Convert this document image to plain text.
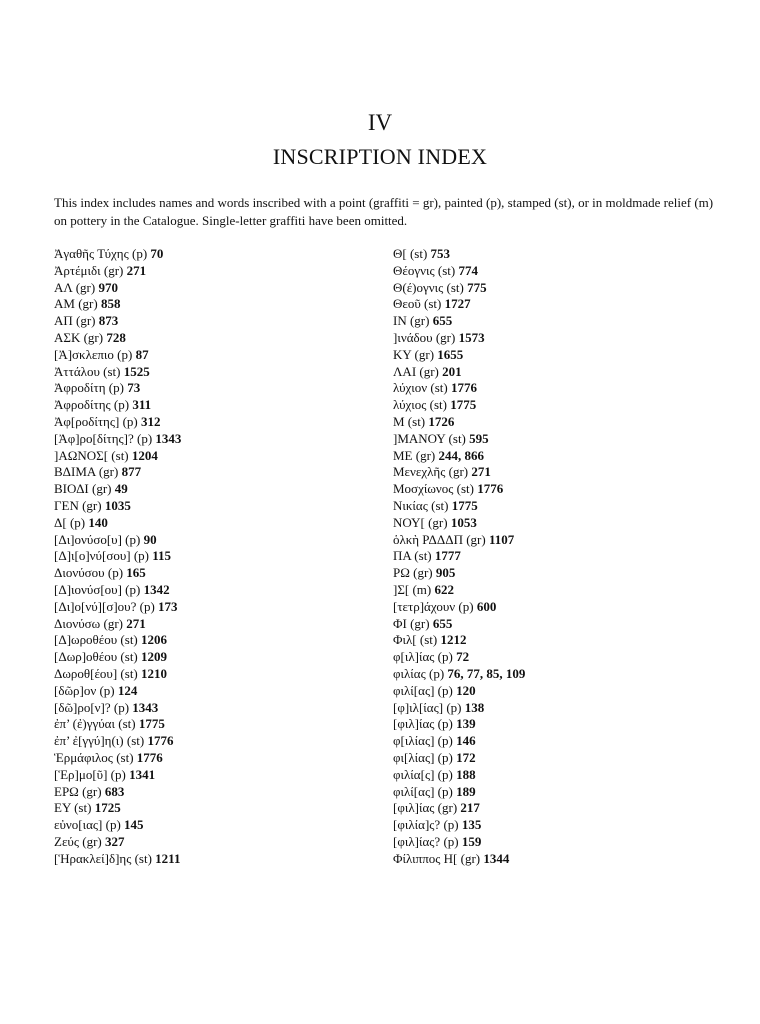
IV
INSCRIPTION INDEX
This index includes names and words inscribed with a point (graffiti = gr), painted (p), stamped (st), or in moldmade relief (m) on pottery in the Catalogue. Single-letter graffiti have been omitted.
Ἀγαθῆς Τύχης (p) 70
Ἀρτέμιδι (gr) 271
ΑΛ (gr) 970
ΑΜ (gr) 858
ΑΠ (gr) 873
ΑΣΚ (gr) 728
[Ἀ]σκλεπιο (p) 87
Ἀττάλου (st) 1525
Ἀφροδίτη (p) 73
Ἀφροδίτης (p) 311
Ἀφ[ροδίτης] (p) 312
[Ἀφ]ρο[δίτης]? (p) 1343
]ΑΩΝΟΣ[ (st) 1204
ΒΔΙΜΑ (gr) 877
ΒΙΟΔΙ (gr) 49
ΓΕΝ (gr) 1035
Δ[ (p) 140
[Δι]ονύσο[υ] (p) 90
[Δ]ι[ο]νύ[σου] (p) 115
Διονύσου (p) 165
[Δ]ιονύσ[ου] (p) 1342
[Δι]ο[νύ][σ]ου? (p) 173
Διονύσω (gr) 271
[Δ]ωροθέου (st) 1206
[Δωρ]οθέου (st) 1209
Δωροθ[έου] (st) 1210
[δῶρ]ον (p) 124
[δῶ]ρο[ν]? (p) 1343
ἐπ’ (ἐ)γγύαι (st) 1775
ἐπ’ ἐ[γγύ]η(ι) (st) 1776
Ἑρμάφιλος (st) 1776
[Ἑρ]μο[ῦ] (p) 1341
ΕΡΩ (gr) 683
ΕΥ (st) 1725
εὐνο[ιας] (p) 145
Ζεύς (gr) 327
[Ἡρακλεί]δ]ης (st) 1211
Θ[ (st) 753
Θέογνις (st) 774
Θ(έ)ογνις (st) 775
Θεοῦ (st) 1727
ΙΝ (gr) 655
]ινάδου (gr) 1573
ΚΥ (gr) 1655
ΛΑΙ (gr) 201
λύχιον (st) 1776
λύχιος (st) 1775
Μ (st) 1726
]ΜΑΝΟΥ (st) 595
ΜΕ (gr) 244, 866
Μενεχλῆς (gr) 271
Μοσχίωνος (st) 1776
Νικίας (st) 1775
ΝΟΥ[ (gr) 1053
ὁλκὴ ΡΔΔΔΠ (gr) 1107
ΠΑ (st) 1777
ΡΩ (gr) 905
]Σ[ (m) 622
[τετρ]άχουν (p) 600
ΦΙ (gr) 655
Φιλ[ (st) 1212
φ[ιλ]ίας (p) 72
φιλίας (p) 76, 77, 85, 109
φιλί[ας] (p) 120
[φ]ιλ[ίας] (p) 138
[φιλ]ίας (p) 139
φ[ιλίας] (p) 146
φι[λίας] (p) 172
φιλία[ς] (p) 188
φιλί[ας] (p) 189
[φιλ]ίας (gr) 217
[φιλία]ς? (p) 135
[φιλ]ίας? (p) 159
Φίλιππος Η[ (gr) 1344
